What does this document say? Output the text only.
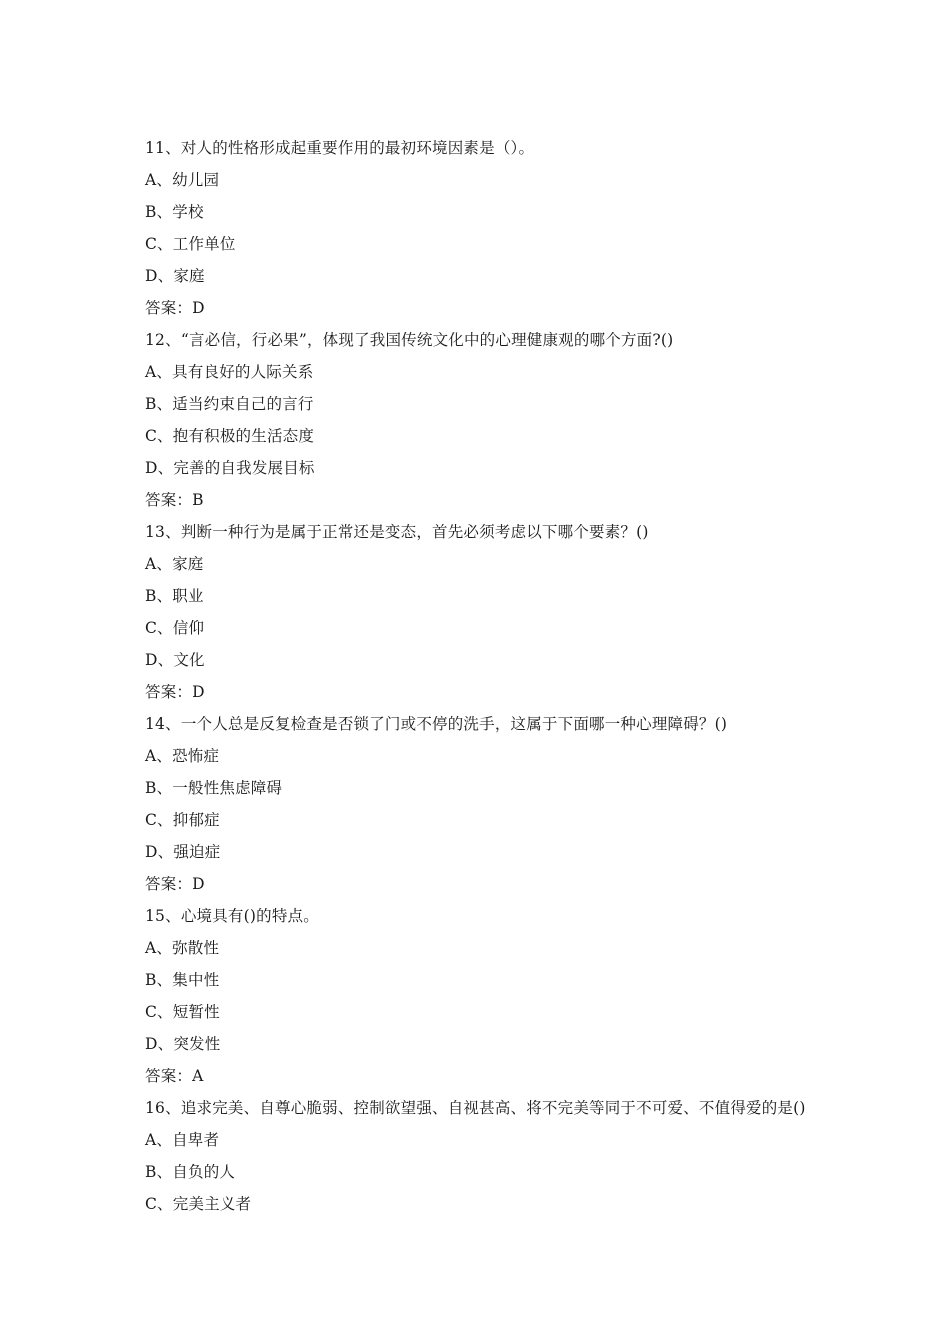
11、对人的性格形成起重要作用的最初环境因素是（）。
A、幼儿园
B、学校
C、工作单位
D、家庭
答案：D
12、“言必信，行必果”，体现了我国传统文化中的心理健康观的哪个方面?()
A、具有良好的人际关系
B、适当约束自己的言行
C、抱有积极的生活态度
D、完善的自我发展目标
答案：B
13、判断一种行为是属于正常还是变态，首先必须考虑以下哪个要素？()
A、家庭
B、职业
C、信仰
D、文化
答案：D
14、一个人总是反复检查是否锁了门或不停的洗手，这属于下面哪一种心理障碍？()
A、恐怖症
B、一般性焦虑障碍
C、抑郁症
D、强迫症
答案：D
15、心境具有()的特点。
A、弥散性
B、集中性
C、短暂性
D、突发性
答案：A
16、追求完美、自尊心脆弱、控制欲望强、自视甚高、将不完美等同于不可爱、不值得爱的是()
A、自卑者
B、自负的人
C、完美主义者
